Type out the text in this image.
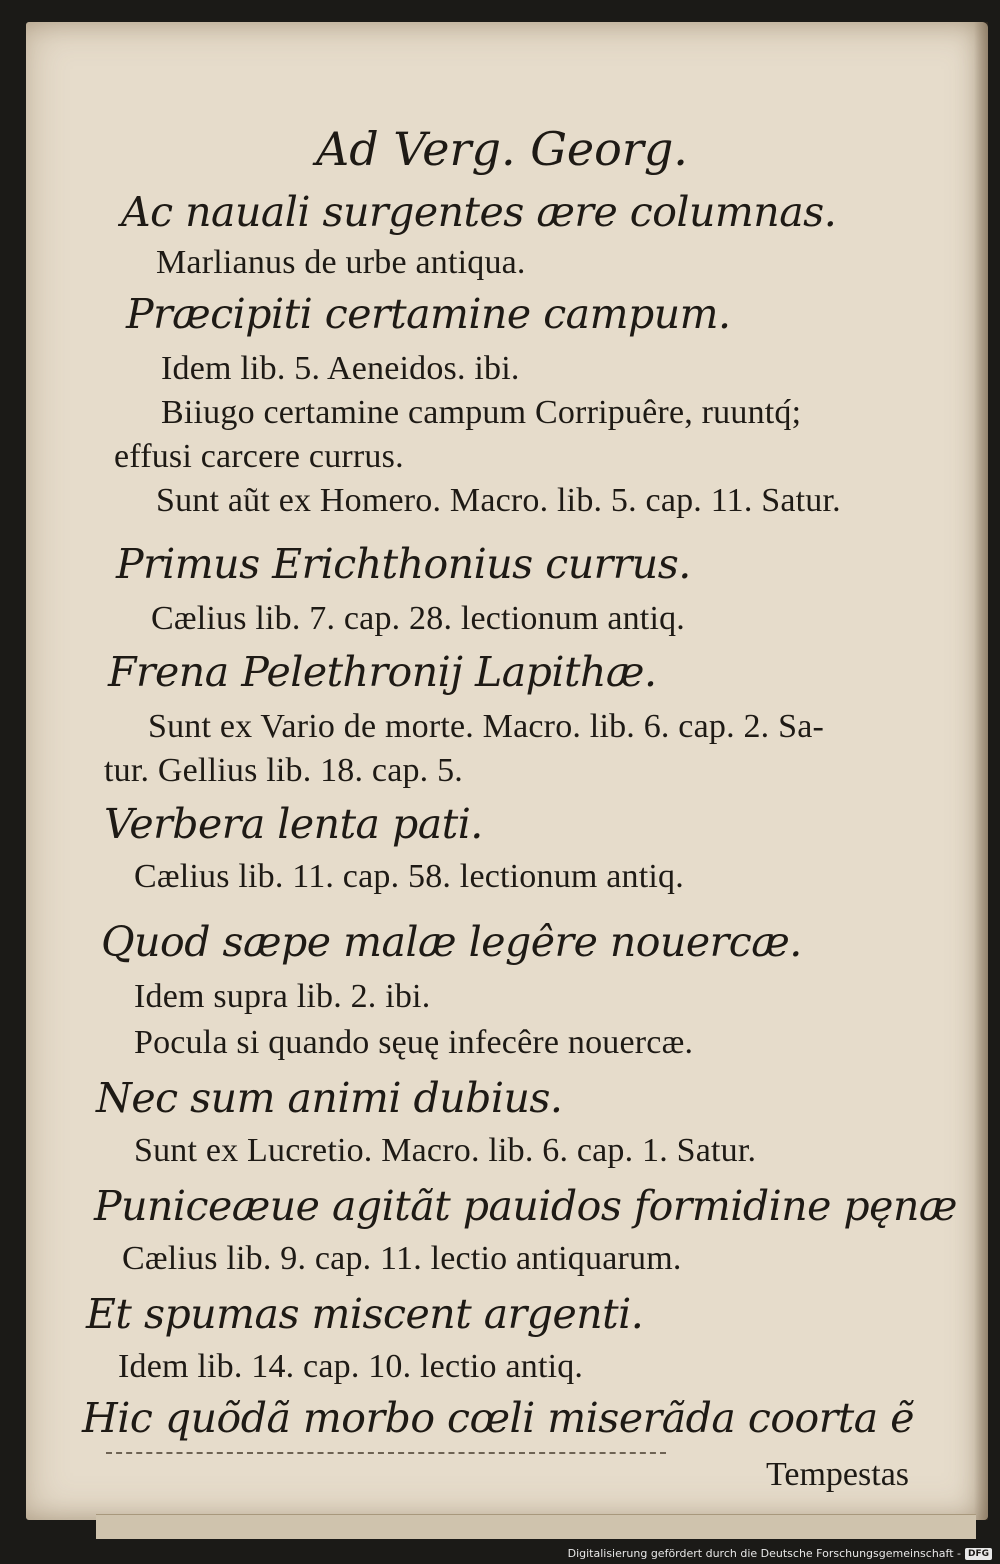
Ad Verg. Georg.

Ac nauali surgentes ære columnas.

Marlianus de urbe antiqua.

Præcipiti certamine campum.

Idem lib. 5. Aeneidos. ibi.

Biiugo certamine campum Corripuêre, ruuntq́;

effusi carcere currus.

Sunt aũt ex Homero. Macro. lib. 5. cap. 11. Satur.

Primus Erichthonius currus.

Cælius lib. 7. cap. 28. lectionum antiq.

Frena Pelethronij Lapithæ.

Sunt ex Vario de morte. Macro. lib. 6. cap. 2. Sa-

tur. Gellius lib. 18. cap. 5.

Verbera lenta pati.

Cælius lib. 11. cap. 58. lectionum antiq.

Quod sæpe malæ legêre nouercæ.

Idem supra lib. 2. ibi.

Pocula si quando sęuę infecêre nouercæ.

Nec sum animi dubius.

Sunt ex Lucretio. Macro. lib. 6. cap. 1. Satur.

Puniceæue agitãt pauidos formidine pęnæ

Cælius lib. 9. cap. 11. lectio antiquarum.

Et spumas miscent argenti.

Idem lib. 14. cap. 10. lectio antiq.

Hic quõdã morbo cœli miserãda coorta ẽ

Tempestas

Digitalisierung gefördert durch die Deutsche Forschungsgemeinschaft - DFG
